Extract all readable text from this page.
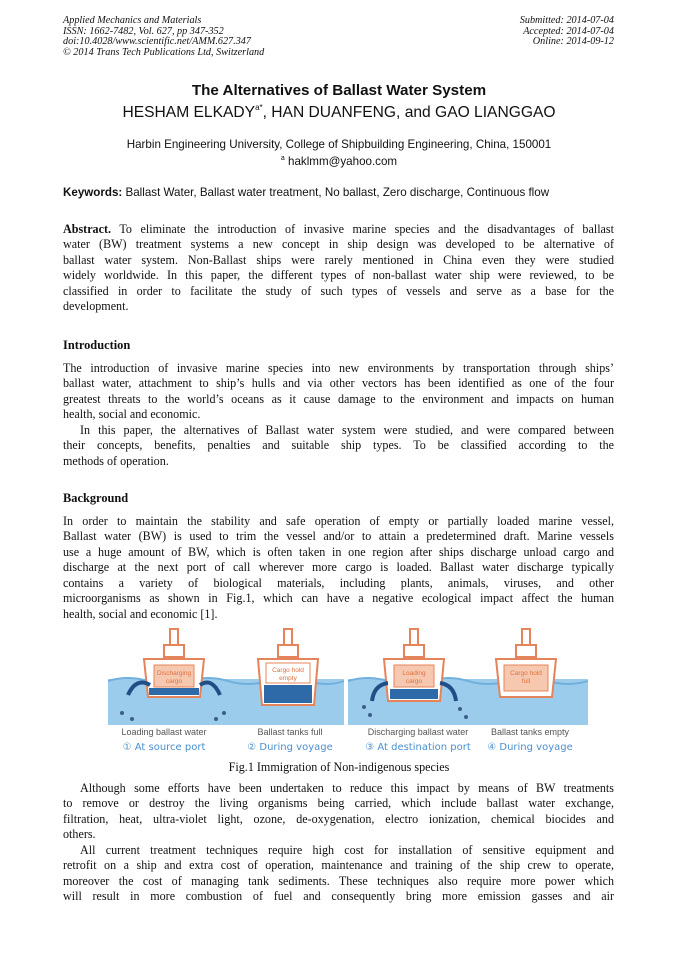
Applied Mechanics and Materials
ISSN: 1662-7482, Vol. 627, pp 347-352
doi:10.4028/www.scientific.net/AMM.627.347
© 2014 Trans Tech Publications Ltd, Switzerland
Submitted: 2014-07-04
Accepted: 2014-07-04
Online: 2014-09-12
The Alternatives of Ballast Water System
HESHAM $ELKADY^{a*}$, HAN DUANFENG, and GAO LIANGGAO
Harbin Engineering University, College of Shipbuilding Engineering, China, 150001
$^a$ haklmm@yahoo.com
Keywords: Ballast Water, Ballast water treatment, No ballast, Zero discharge, Continuous flow
Abstract. To eliminate the introduction of invasive marine species and the disadvantages of ballast
water (BW) treatment systems a new concept in ship design was developed to be alternative of
ballast water system. Non-Ballast ships were rarely mentioned in China even they were studied
widely worldwide. In this paper, the different types of non-ballast water ship were reviewed, to be
classified in order to facilitate the study of such types of vessels and serve as a base for the
development.
Introduction
The introduction of invasive marine species into new environments by transportation through ships’
ballast water, attachment to ship’s hulls and via other vectors has been identified as one of the four
greatest threats to the world’s oceans as it cause damage to the environment and impacts on human
health, social and economic.
In this paper, the alternatives of Ballast water system were studied, and were compared between
their concepts, benefits, penalties and suitable ship types. To be classified according to the
methods of operation.
Background
In order to maintain the stability and safe operation of empty or partially loaded marine vessel,
Ballast water (BW) is used to trim the vessel and/or to attain a predetermined draft. Marine vessels
use a huge amount of BW, which is often taken in one region after ships discharge unload cargo and
discharge at the next port of call wherever more cargo is loaded. Ballast water discharge typically
contains a variety of biological materials, including plants, animals, viruses, and other
microorganisms as shown in Fig.1, which can have a negative ecological impact affect the human
health, social and economic [1].
Discharging
cargo
Cargo hold
empty
Loading
cargo
Cargo hold
full
Loading ballast water
① At source port
Ballast tanks full
② During voyage
Discharging ballast water
③ At destination port
Ballast tanks empty
④ During voyage
Fig.1 Immigration of Non-indigenous species
Although some efforts have been undertaken to reduce this impact by means of BW treatments
to remove or destroy the living organisms being carried, which include ballast water exchange,
filtration, heat, ultra-violet light, ozone, de-oxygenation, electro ionization, chemical biocides and
others.
All current treatment techniques require high cost for installation of sensitive equipment and
retrofit on a ship and extra cost of operation, maintenance and training of the ship crew to operate,
moreover the cost of managing tank sediments. These techniques also require more power which
will result in more combustion of fuel and consequently bring more emission gasses and air
